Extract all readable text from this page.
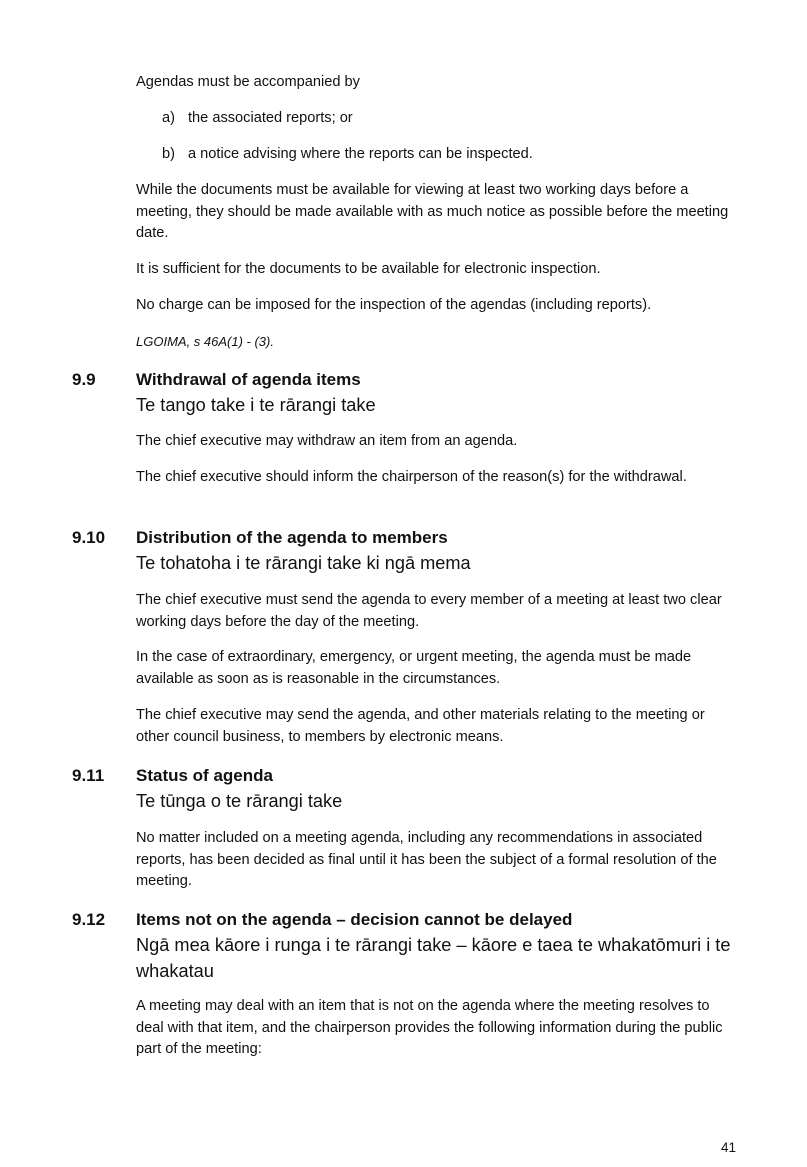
Agendas must be accompanied by

a) the associated reports; or
b) a notice advising where the reports can be inspected.

While the documents must be available for viewing at least two working days before a meeting, they should be made available with as much notice as possible before the meeting date.

It is sufficient for the documents to be available for electronic inspection.

No charge can be imposed for the inspection of the agendas (including reports).

LGOIMA, s 46A(1) - (3).

9.9 Withdrawal of agenda items
Te tango take i te rārangi take

The chief executive may withdraw an item from an agenda.

The chief executive should inform the chairperson of the reason(s) for the withdrawal.

9.10 Distribution of the agenda to members
Te tohatoha i te rārangi take ki ngā mema

The chief executive must send the agenda to every member of a meeting at least two clear working days before the day of the meeting.

In the case of extraordinary, emergency, or urgent meeting, the agenda must be made available as soon as is reasonable in the circumstances.

The chief executive may send the agenda, and other materials relating to the meeting or other council business, to members by electronic means.

9.11 Status of agenda
Te tūnga o te rārangi take

No matter included on a meeting agenda, including any recommendations in associated reports, has been decided as final until it has been the subject of a formal resolution of the meeting.

9.12 Items not on the agenda – decision cannot be delayed
Ngā mea kāore i runga i te rārangi take – kāore e taea te whakatōmuri i te whakatau

A meeting may deal with an item that is not on the agenda where the meeting resolves to deal with that item, and the chairperson provides the following information during the public part of the meeting:

41
